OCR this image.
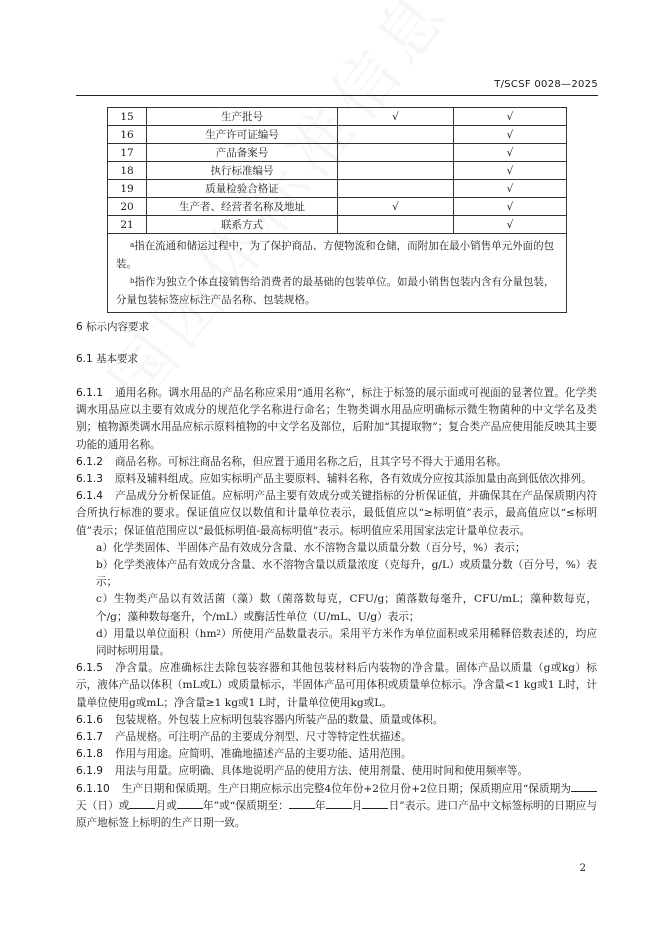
T/SCSF 0028—2025
15	生产批号	√	√
16	生产许可证编号		√
17	产品备案号		√
18	执行标准编号		√
19	质量检验合格证		√
20	生产者、经营者名称及地址	√	√
21	联系方式		√

$^a$指在流通和储运过程中，为了保护商品、方便物流和仓储，而附加在最小销售单元外面的包装。
$^b$指作为独立个体直接销售给消费者的最基础的包装单位。如最小销售包装内含有分量包装，分量包装标签应标注产品名称、包装规格。			
6 标示内容要求
6.1 基本要求

6.1.1 通用名称。调水用品的产品名称应采用“通用名称”，标注于标签的展示面或可视面的显著位置。化学类调水用品应以主要有效成分的规范化学名称进行命名；生物类调水用品应明确标示微生物菌种的中文学名及类别；植物源类调水用品应标示原料植物的中文学名及部位，后附加“其提取物”；复合类产品应使用能反映其主要功能的通用名称。

6.1.2 商品名称。可标注商品名称，但应置于通用名称之后，且其字号不得大于通用名称。

6.1.3 原料及辅料组成。应如实标明产品主要原料、辅料名称，各有效成分应按其添加量由高到低依次排列。

6.1.4 产品成分分析保证值。应标明产品主要有效成分或关键指标的分析保证值，并确保其在产品保质期内符合所执行标准的要求。保证值应仅以数值和计量单位表示，最低值应以“≥标明值”表示，最高值应以“≤标明值”表示；保证值范围应以“最低标明值-最高标明值”表示。标明值应采用国家法定计量单位表示。

a）化学类固体、半固体产品有效成分含量、水不溶物含量以质量分数（百分号，%）表示；

b）化学类液体产品有效成分含量、水不溶物含量以质量浓度（克每升，g/L）或质量分数（百分号，%）表示；

c）生物类产品以有效活菌（藻）数（菌落数每克，CFU/g；菌落数每毫升，CFU/mL；藻种数每克，个/g；藻种数每毫升，个/mL）或酶活性单位（U/mL、U/g）表示；

d）用量以单位面积$(hm^2)$所使用产品数量表示。采用平方米作为单位面积或采用稀释倍数表述的，均应同时标明用量。

6.1.5 净含量。应准确标注去除包装容器和其他包装材料后内装物的净含量。固体产品以质量（g或kg）标示，液体产品以体积（mL或L）或质量标示，半固体产品可用体积或质量单位标示。净含量<1 kg或1 L时，计量单位使用g或mL；净含量≥1 kg或1 L时，计量单位使用kg或L。

6.1.6 包装规格。外包装上应标明包装容器内所装产品的数量、质量或体积。

6.1.7 产品规格。可注明产品的主要成分剂型、尺寸等特定性状描述。

6.1.8 作用与用途。应简明、准确地描述产品的主要功能、适用范围。

6.1.9 用法与用量。应明确、具体地说明产品的使用方法、使用剂量、使用时间和使用频率等。

6.1.10 生产日期和保质期。生产日期应标示出完整4位年份+2位月份+2位日期；保质期应用“保质期为天（日）或 月或 年”或“保质期至： 年 月 日”表示。进口产品中文标签标明的日期应与原产地标签上标明的生产日期一致。

2
